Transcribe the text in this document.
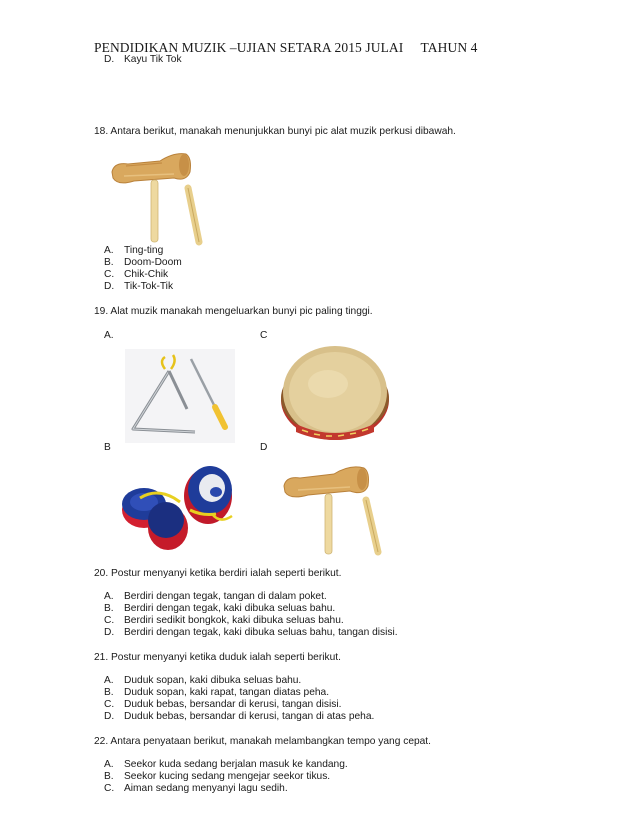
PENDIDIKAN MUZIK –UJIAN SETARA 2015 JULAI TAHUN 4
D. Kayu Tik Tok
18. Antara berikut, manakah menunjukkan bunyi pic alat muzik perkusi dibawah.
A. Ting-ting
B. Doom-Doom
C. Chik-Chik
D. Tik-Tok-Tik
19. Alat muzik manakah mengeluarkan bunyi pic paling tinggi.
A.	C
B	D
20. Postur menyanyi ketika berdiri ialah seperti berikut.
A. Berdiri dengan tegak, tangan di dalam poket.
B. Berdiri dengan tegak, kaki dibuka seluas bahu.
C. Berdiri sedikit bongkok, kaki dibuka seluas bahu.
D. Berdiri dengan tegak, kaki dibuka seluas bahu, tangan disisi.
21. Postur menyanyi ketika duduk ialah seperti berikut.
A. Duduk sopan, kaki dibuka seluas bahu.
B. Duduk sopan, kaki rapat, tangan diatas peha.
C. Duduk bebas, bersandar di kerusi, tangan disisi.
D. Duduk bebas, bersandar di kerusi, tangan di atas peha.
22. Antara penyataan berikut, manakah melambangkan tempo yang cepat.
A. Seekor kuda sedang berjalan masuk ke kandang.
B. Seekor kucing sedang mengejar seekor tikus.
C. Aiman sedang menyanyi lagu sedih.
